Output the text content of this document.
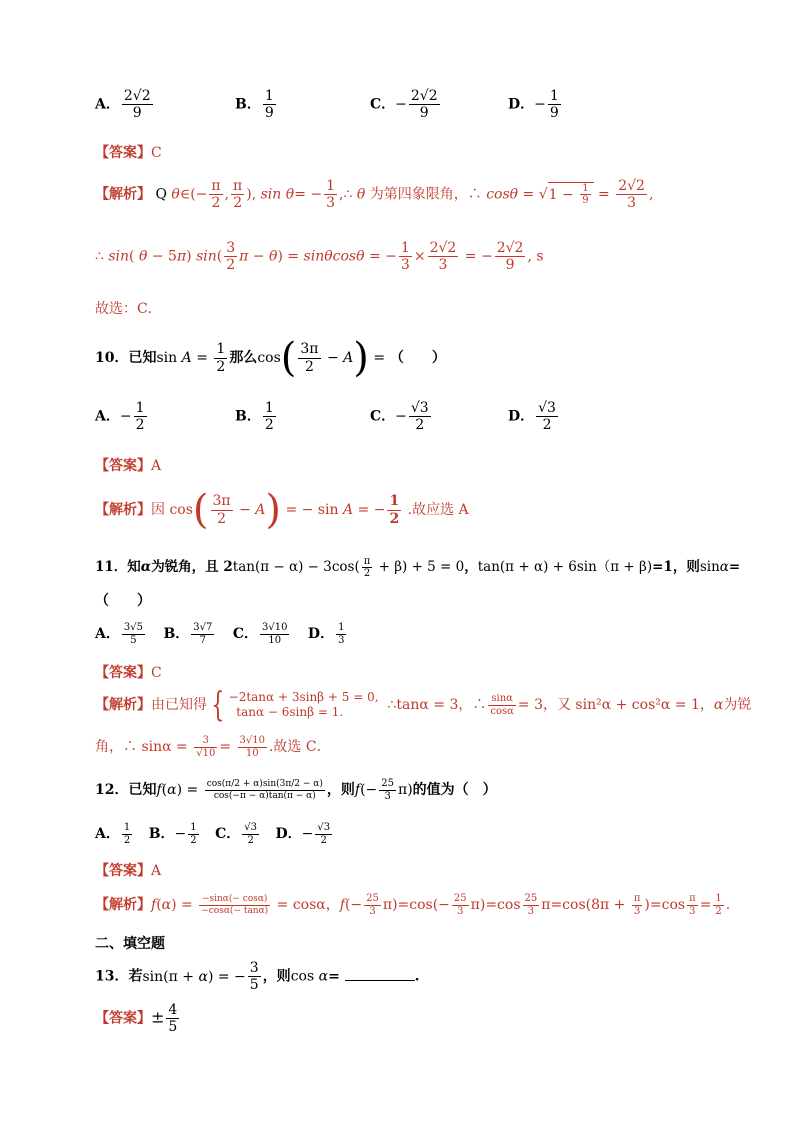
A． $\frac{2√2}{9}$	B． $\frac{1}{9}$	C．− $\frac{2√2}{9}$	D．− $\frac{1}{9}$
【答案】C
【解析】 Q θ∈(− $\frac{\pi}{2}$ , $\frac{\pi}{2}$ ), $\sin \theta= - \frac{1}{3}$ ,∴ θ 为第四象限角，∴ $\cos\theta = √1 - \frac{1}{9} = \frac{2√2}{3}$ ,
∴ sin( θ − 5π) $\sin( \frac{3}{2}$ π − θ) = sinθcosθ = − $\frac{1}{3} \times \frac{2√2}{3}$ = − $\frac{2√2}{9}$ , s
故选：C．
10．已知$\sin A = \frac{1}{2}$ 那么$\cos( \frac{3\pi}{2} - A)$ = （　　）
A．− $\frac{1}{2}$	B． $\frac{1}{2}$	C．− $\frac{√3}{2}$	D． $\frac{√3}{2}$
【答案】A
【解析】因 $\cos( \frac{3\pi}{2} - A)$ = − sin A = − $\frac{1}{2}$ .故应选 A
11．知α为锐角，且 $2\tan(\pi - \alpha) - 3\cos( \frac{\pi}{2} + \beta) + 5 = 0$，tan(π + α) + 6sin（π + β)=1，则sinα=
（　　）
A． $\frac{3√5}{5}$ B． $\frac{3√7}{7}$ C． $\frac{3√10}{10}$ D． $\frac{1}{3}$
【答案】C
【解析】由已知得 { −2tanα + 3sinβ + 5 = 0,
tanα − 6sinβ = 1.	∴tanα = 3，∴ $\frac{\sin\alpha}{\cos\alpha} = 3$，又 sin²α + cos²α = 1，α为锐
角，∴ $\sin\alpha = \frac{3}{√10} = \frac{3√10}{10}$ .故选 C．
12．已知$f(\alpha) = \frac{\cos(\pi/2 + \alpha)\sin(3\pi/2 - \alpha)}{\cos(-\pi - \alpha)\tan(\pi - \alpha)}$ ，则$f(- \frac{25}{3} \pi)$的值为（　）
A． $\frac{1}{2}$ B．− $\frac{1}{2}$ C． $\frac{√3}{2}$ D．− $\frac{√3}{2}$
【答案】A
【解析】$f(\alpha) = \frac{-\sin\alpha(- \cos\alpha)}{-\cos\alpha(- \tan\alpha)} = \cos\alpha$，$f(- \frac{25}{3} \pi)=\cos(- \frac{25}{3} \pi)=\cos \frac{25}{3} \pi=\cos(8\pi + \frac{\pi}{3} )=\cos \frac{\pi}{3} = \frac{1}{2}$ .
二、填空题
13．若sin(π + α) = − $\frac{3}{5}$ ，则cos α=	.
【答案】± $\frac{4}{5}$
